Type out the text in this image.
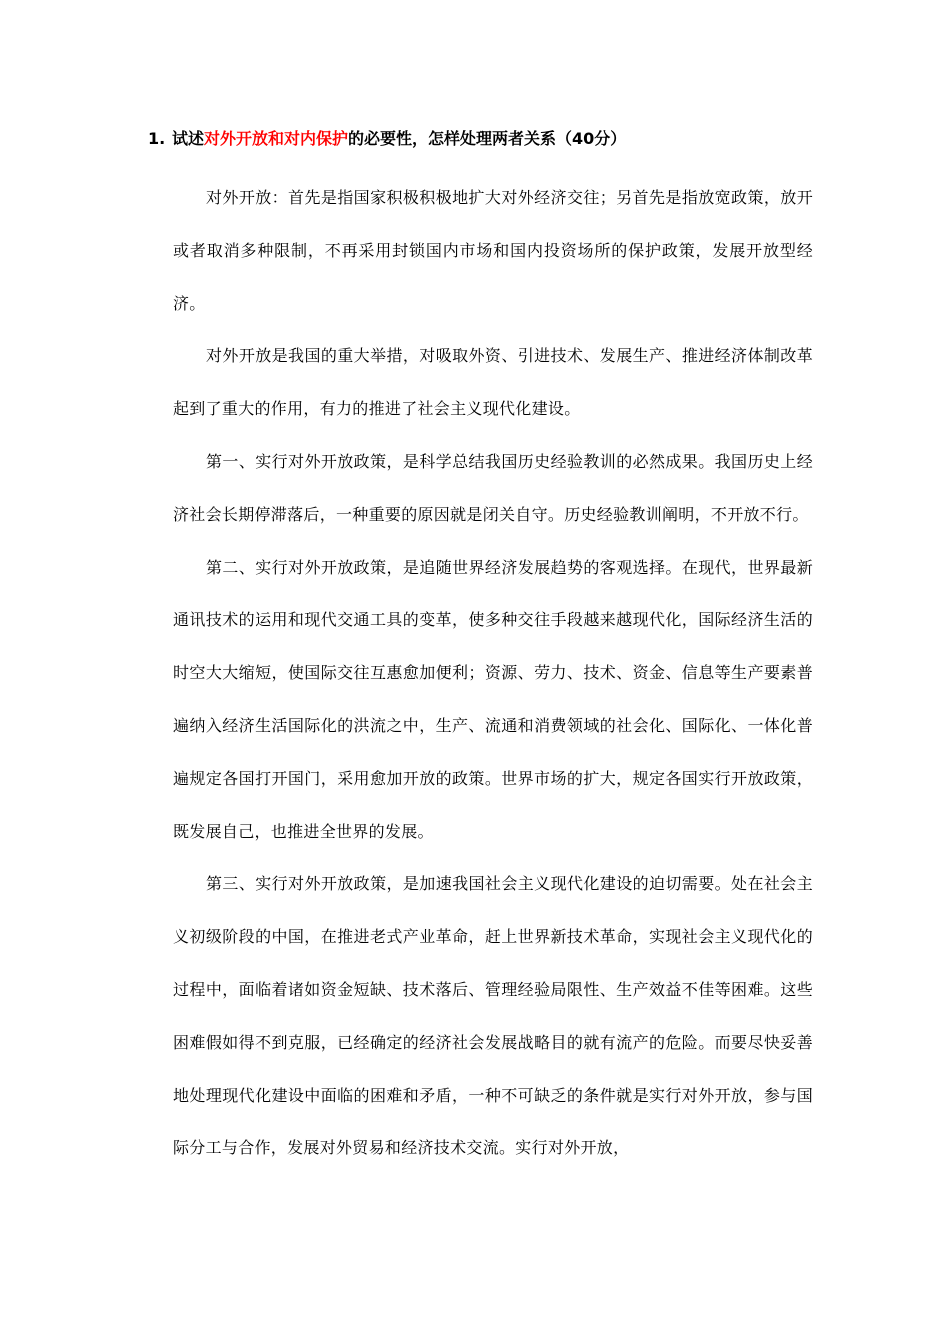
1. 试述对外开放和对内保护的必要性，怎样处理两者关系（40分）

对外开放：首先是指国家积极积极地扩大对外经济交往；另首先是指放宽政策，放开或者取消多种限制，不再采用封锁国内市场和国内投资场所的保护政策，发展开放型经济。

对外开放是我国的重大举措，对吸取外资、引进技术、发展生产、推进经济体制改革起到了重大的作用，有力的推进了社会主义现代化建设。

第一、实行对外开放政策，是科学总结我国历史经验教训的必然成果。我国历史上经济社会长期停滞落后，一种重要的原因就是闭关自守。历史经验教训阐明，不开放不行。

第二、实行对外开放政策，是追随世界经济发展趋势的客观选择。在现代，世界最新通讯技术的运用和现代交通工具的变革，使多种交往手段越来越现代化，国际经济生活的时空大大缩短，使国际交往互惠愈加便利；资源、劳力、技术、资金、信息等生产要素普遍纳入经济生活国际化的洪流之中，生产、流通和消费领域的社会化、国际化、一体化普遍规定各国打开国门，采用愈加开放的政策。世界市场的扩大，规定各国实行开放政策，既发展自己，也推进全世界的发展。

第三、实行对外开放政策，是加速我国社会主义现代化建设的迫切需要。处在社会主义初级阶段的中国，在推进老式产业革命，赶上世界新技术革命，实现社会主义现代化的过程中，面临着诸如资金短缺、技术落后、管理经验局限性、生产效益不佳等困难。这些困难假如得不到克服，已经确定的经济社会发展战略目的就有流产的危险。而要尽快妥善地处理现代化建设中面临的困难和矛盾，一种不可缺乏的条件就是实行对外开放，参与国际分工与合作，发展对外贸易和经济技术交流。实行对外开放，
